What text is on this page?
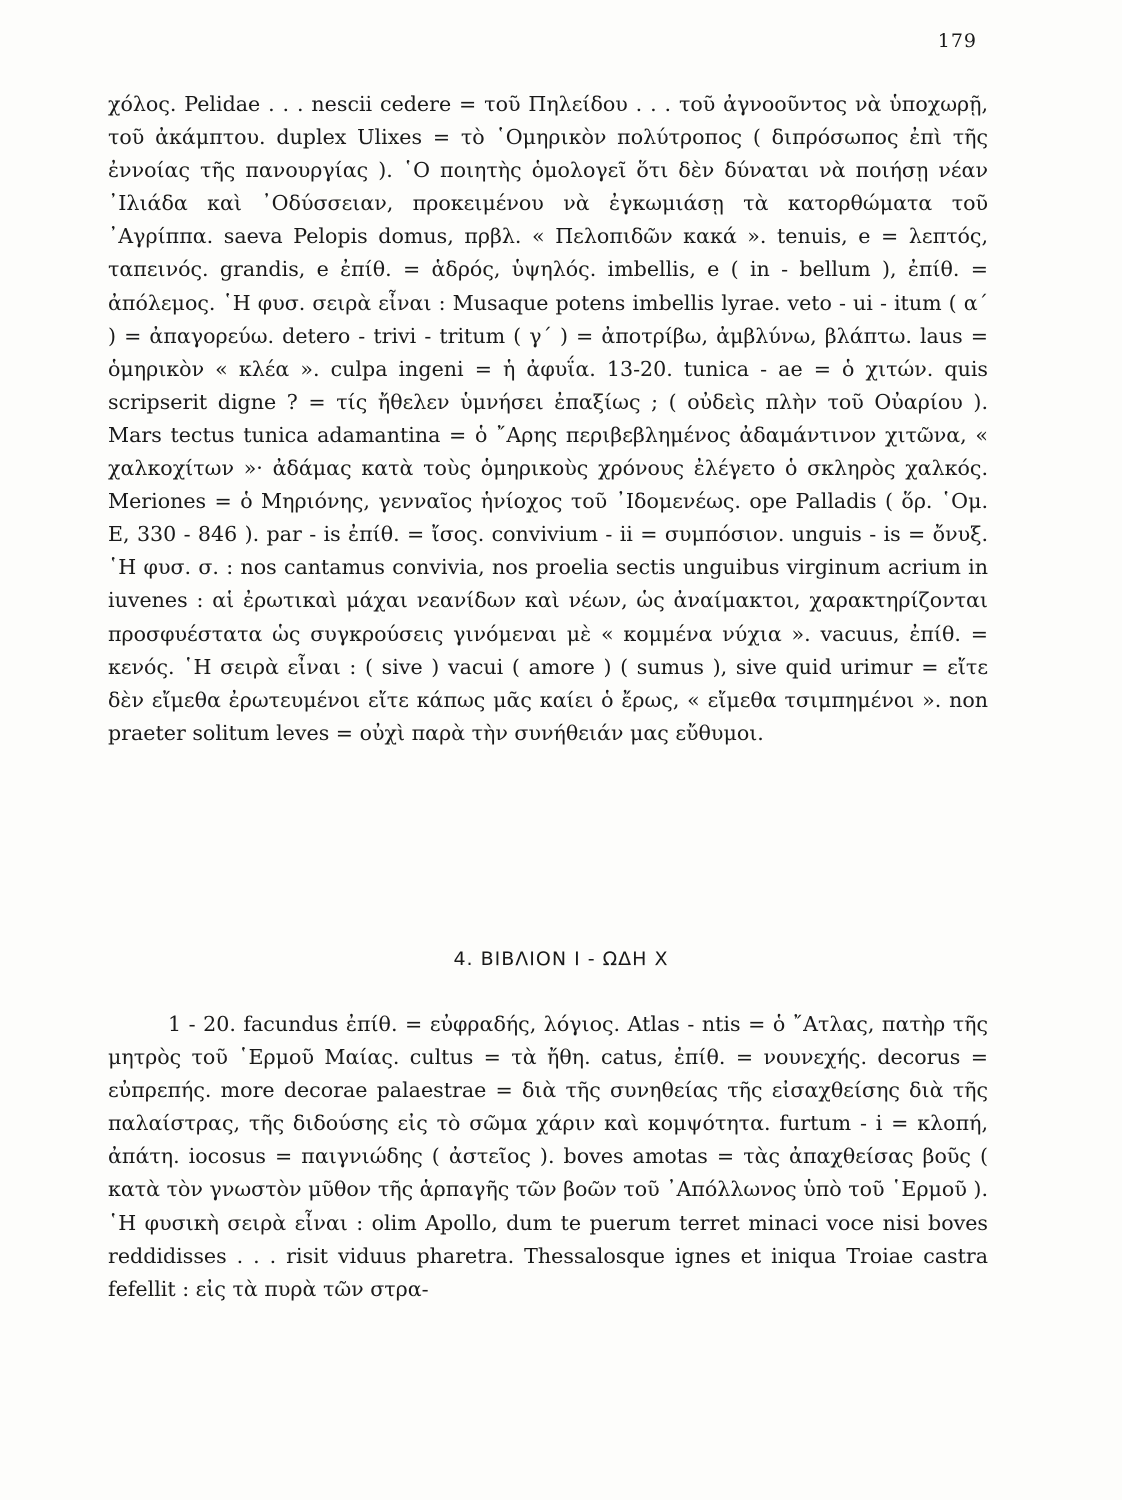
179

χόλος. Pelidae . . . nescii cedere = τοῦ Πηλείδου . . . τοῦ ἀγνοοῦντος νὰ ὑποχωρῇ, τοῦ ἀκάμπτου. duplex Ulixes = τὸ ῾Ομηρικὸν πολύτροπος ( διπρόσωπος ἐπὶ τῆς ἐννοίας τῆς πανουργίας ). ῾Ο ποιητὴς ὁμολογεῖ ὅτι δὲν δύναται νὰ ποιήσῃ νέαν ᾿Ιλιάδα καὶ ᾿Οδύσσειαν, προκειμένου νὰ ἐγκωμιάσῃ τὰ κατορθώματα τοῦ ᾿Αγρίππα. saeva Pelopis domus, πρβλ. « Πελοπιδῶν κακά ». tenuis, e = λεπτός, ταπεινός. grandis, e ἐπίθ. = ἁδρός, ὑψηλός. imbellis, e ( in - bellum ), ἐπίθ. = ἀπόλεμος. ῾Η φυσ. σειρὰ εἶναι : Musaque potens imbellis lyrae. veto - ui - itum ( α΄ ) = ἀπαγορεύω. detero - trivi - tritum ( γ΄ ) = ἀποτρίβω, ἀμβλύνω, βλάπτω. laus = ὁμηρικὸν « κλέα ». culpa ingeni = ἡ ἀφυΐα. 13-20. tunica - ae = ὁ χιτών. quis scripserit digne ? = τίς ἤθελεν ὑμνήσει ἐπαξίως ; ( οὐδεὶς πλὴν τοῦ Οὐαρίου ). Mars tectus tunica adamantina = ὁ ῎Αρης περιβεβλημένος ἀδαμάντινον χιτῶνα, « χαλκοχίτων »· ἀδάμας κατὰ τοὺς ὁμηρικοὺς χρόνους ἐλέγετο ὁ σκληρὸς χαλκός. Meriones = ὁ Μηριόνης, γενναῖος ἡνίοχος τοῦ ᾿Ιδομενέως. ope Palladis ( ὅρ. ῾Ομ. Ε, 330 - 846 ). par - is ἐπίθ. = ἴσος. convivium - ii = συμπόσιον. unguis - is = ὄνυξ. ῾Η φυσ. σ. : nos cantamus convivia, nos proelia sectis unguibus virginum acrium in iuvenes : αἱ ἐρωτικαὶ μάχαι νεανίδων καὶ νέων, ὡς ἀναίμακτοι, χαρακτηρίζονται προσφυέστατα ὡς συγκρούσεις γινόμεναι μὲ « κομμένα νύχια ». vacuus, ἐπίθ. = κενός. ῾Η σειρὰ εἶναι : ( sive ) vacui ( amore ) ( sumus ), sive quid urimur = εἴτε δὲν εἴμεθα ἐρωτευμένοι εἴτε κάπως μᾶς καίει ὁ ἔρως, « εἴμεθα τσιμπημένοι ». non praeter solitum leves = οὐχὶ παρὰ τὴν συνήθειάν μας εὔθυμοι.

4. ΒΙΒΛΙΟΝ Ι - ΩΔΗ Χ

1 - 20. facundus ἐπίθ. = εὐφραδής, λόγιος. Atlas - ntis = ὁ ῎Ατλας, πατὴρ τῆς μητρὸς τοῦ ῾Ερμοῦ Μαίας. cultus = τὰ ἤθη. catus, ἐπίθ. = νουνεχής. decorus = εὐπρεπής. more decorae palaestrae = διὰ τῆς συνηθείας τῆς εἰσαχθείσης διὰ τῆς παλαίστρας, τῆς διδούσης εἰς τὸ σῶμα χάριν καὶ κομψότητα. furtum - i = κλοπή, ἀπάτη. iocosus = παιγνιώδης ( ἀστεῖος ). boves amotas = τὰς ἀπαχθείσας βοῦς ( κατὰ τὸν γνωστὸν μῦθον τῆς ἁρπαγῆς τῶν βοῶν τοῦ ᾿Απόλλωνος ὑπὸ τοῦ ῾Ερμοῦ ). ῾Η φυσικὴ σειρὰ εἶναι : olim Apollo, dum te puerum terret minaci voce nisi boves reddidisses . . . risit viduus pharetra. Thessalosque ignes et iniqua Troiae castra fefellit : εἰς τὰ πυρὰ τῶν στρα-
